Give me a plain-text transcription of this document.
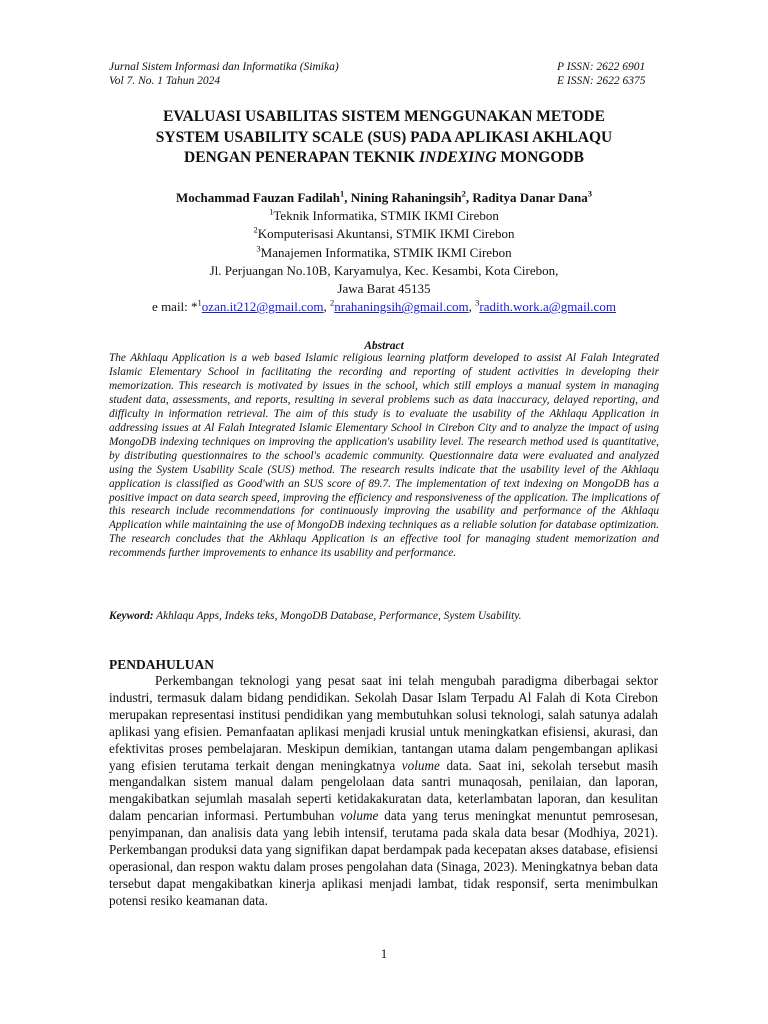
Jurnal Sistem Informasi dan Informatika (Simika)
Vol 7. No. 1 Tahun 2024
P ISSN: 2622 6901
E ISSN: 2622 6375
EVALUASI USABILITAS SISTEM MENGGUNAKAN METODE
SYSTEM USABILITY SCALE (SUS) PADA APLIKASI AKHLAQU
DENGAN PENERAPAN TEKNIK INDEXING MONGODB
Mochammad Fauzan Fadilah$^1$, Nining Rahaningsih$^2$, Raditya Danar Dana$^3$
$^1$Teknik Informatika, STMIK IKMI Cirebon
$^2$Komputerisasi Akuntansi, STMIK IKMI Cirebon
$^3$Manajemen Informatika, STMIK IKMI Cirebon
Jl. Perjuangan No.10B, Karyamulya, Kec. Kesambi, Kota Cirebon,
Jawa Barat 45135
e mail: *$^1$ozan.it212@gmail.com, $^2$nrahaningsih@gmail.com, $^3$radith.work.a@gmail.com
Abstract
The Akhlaqu Application is a web based Islamic religious learning platform developed to assist Al Falah Integrated Islamic Elementary School in facilitating the recording and reporting of student activities in developing their memorization. This research is motivated by issues in the school, which still employs a manual system in managing student data, assessments, and reports, resulting in several problems such as data inaccuracy, delayed reporting, and difficulty in information retrieval. The aim of this study is to evaluate the usability of the Akhlaqu Application in addressing issues at Al Falah Integrated Islamic Elementary School in Cirebon City and to analyze the impact of using MongoDB indexing techniques on improving the application's usability level. The research method used is quantitative, by distributing questionnaires to the school's academic community. Questionnaire data were evaluated and analyzed using the System Usability Scale (SUS) method. The research results indicate that the usability level of the Akhlaqu application is classified as Good'with an SUS score of 89.7. The implementation of text indexing on MongoDB has a positive impact on data search speed, improving the efficiency and responsiveness of the application. The implications of this research include recommendations for continuously improving the usability and performance of the Akhlaqu Application while maintaining the use of MongoDB indexing techniques as a reliable solution for database optimization. The research concludes that the Akhlaqu Application is an effective tool for managing student memorization and recommends further improvements to enhance its usability and performance.
Keyword: Akhlaqu Apps, Indeks teks, MongoDB Database, Performance, System Usability.
PENDAHULUAN

Perkembangan teknologi yang pesat saat ini telah mengubah paradigma diberbagai sektor industri, termasuk dalam bidang pendidikan. Sekolah Dasar Islam Terpadu Al Falah di Kota Cirebon merupakan representasi institusi pendidikan yang membutuhkan solusi teknologi, salah satunya adalah aplikasi yang efisien. Pemanfaatan aplikasi menjadi krusial untuk meningkatkan efisiensi, akurasi, dan efektivitas proses pembelajaran. Meskipun demikian, tantangan utama dalam pengembangan aplikasi yang efisien terutama terkait dengan meningkatnya volume data. Saat ini, sekolah tersebut masih mengandalkan sistem manual dalam pengelolaan data santri munaqosah, penilaian, dan laporan, mengakibatkan sejumlah masalah seperti ketidakakuratan data, keterlambatan laporan, dan kesulitan dalam pencarian informasi. Pertumbuhan volume data yang terus meningkat menuntut pemrosesan, penyimpanan, dan analisis data yang lebih intensif, terutama pada skala data besar (Modhiya, 2021). Perkembangan produksi data yang signifikan dapat berdampak pada kecepatan akses database, efisiensi operasional, dan respon waktu dalam proses pengolahan data (Sinaga, 2023). Meningkatnya beban data tersebut dapat mengakibatkan kinerja aplikasi menjadi lambat, tidak responsif, serta menimbulkan potensi resiko keamanan data.

1
